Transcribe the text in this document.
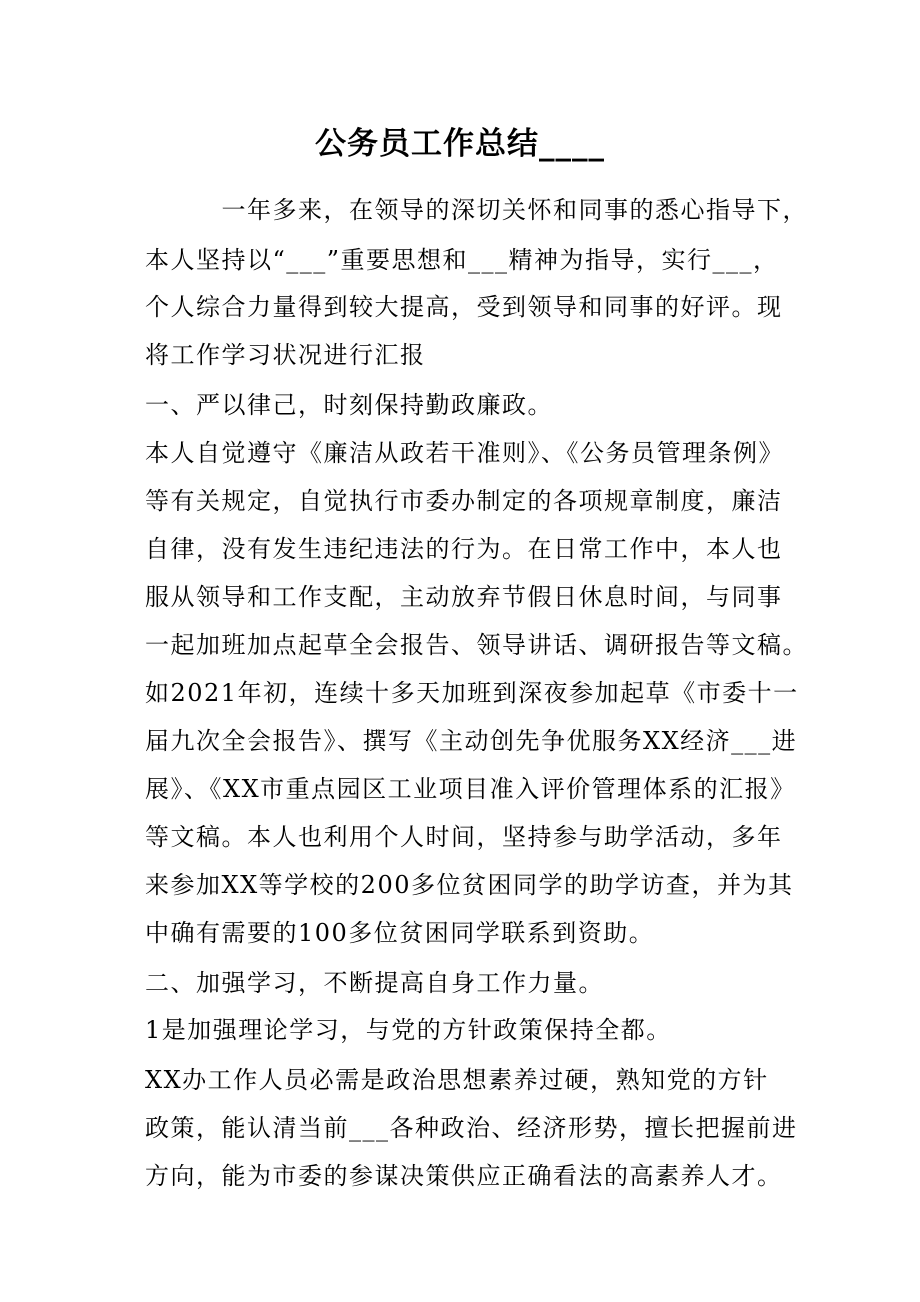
公务员工作总结____
　　　一年多来，在领导的深切关怀和同事的悉心指导下，
本人坚持以“___”重要思想和___精神为指导，实行___，
个人综合力量得到较大提高，受到领导和同事的好评。现
将工作学习状况进行汇报
一、严以律己，时刻保持勤政廉政。
本人自觉遵守《廉洁从政若干准则》、《公务员管理条例》
等有关规定，自觉执行市委办制定的各项规章制度，廉洁
自律，没有发生违纪违法的行为。在日常工作中，本人也
服从领导和工作支配，主动放弃节假日休息时间，与同事
一起加班加点起草全会报告、领导讲话、调研报告等文稿。
如2021年初，连续十多天加班到深夜参加起草《市委十一
届九次全会报告》、撰写《主动创先争优服务XX经济___进
展》、《XX市重点园区工业项目准入评价管理体系的汇报》
等文稿。本人也利用个人时间，坚持参与助学活动，多年
来参加XX等学校的200多位贫困同学的助学访查，并为其
中确有需要的100多位贫困同学联系到资助。
二、加强学习，不断提高自身工作力量。
1是加强理论学习，与党的方针政策保持全都。
XX办工作人员必需是政治思想素养过硬，熟知党的方针
政策，能认清当前___各种政治、经济形势，擅长把握前进
方向，能为市委的参谋决策供应正确看法的高素养人才。
